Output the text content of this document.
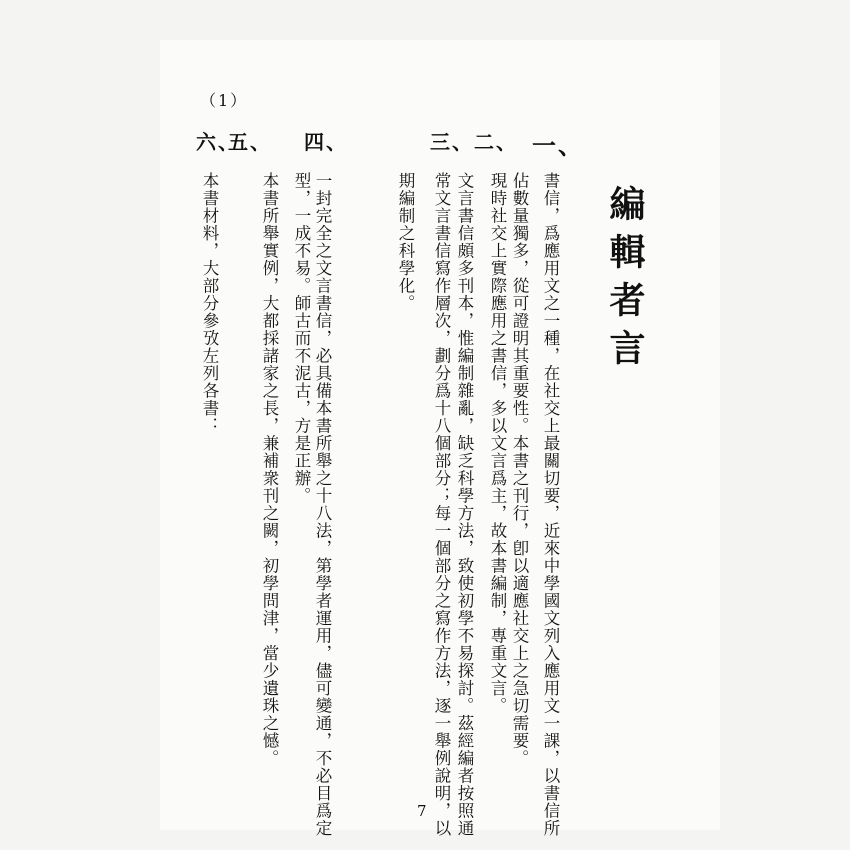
（1）
編輯者言
一、
三、二、
四、
五、
六、
書信，爲應用文之一種，在社交上最關切要，近來中學國文列入應用文一課，以書信所
佔數量獨多，從可證明其重要性。本書之刊行，卽以適應社交上之急切需要。
現時社交上實際應用之書信，多以文言爲主，故本書編制，專重文言。
文言書信頗多刊本，惟編制雜亂，缺乏科學方法，致使初學不易探討。茲經編者按照通
常文言書信寫作層次，劃分爲十八個部分；每一個部分之寫作方法，逐一舉例說明，以
期編制之科學化。
一封完全之文言書信，必具備本書所舉之十八法，第學者運用，儘可變通，不必目爲定
型，一成不易。師古而不泥古，方是正辦。
本書所舉實例，大都採諸家之長，兼補衆刊之闕，初學問津，當少遺珠之憾。
本書材料，大部分參攷左列各書：
7
